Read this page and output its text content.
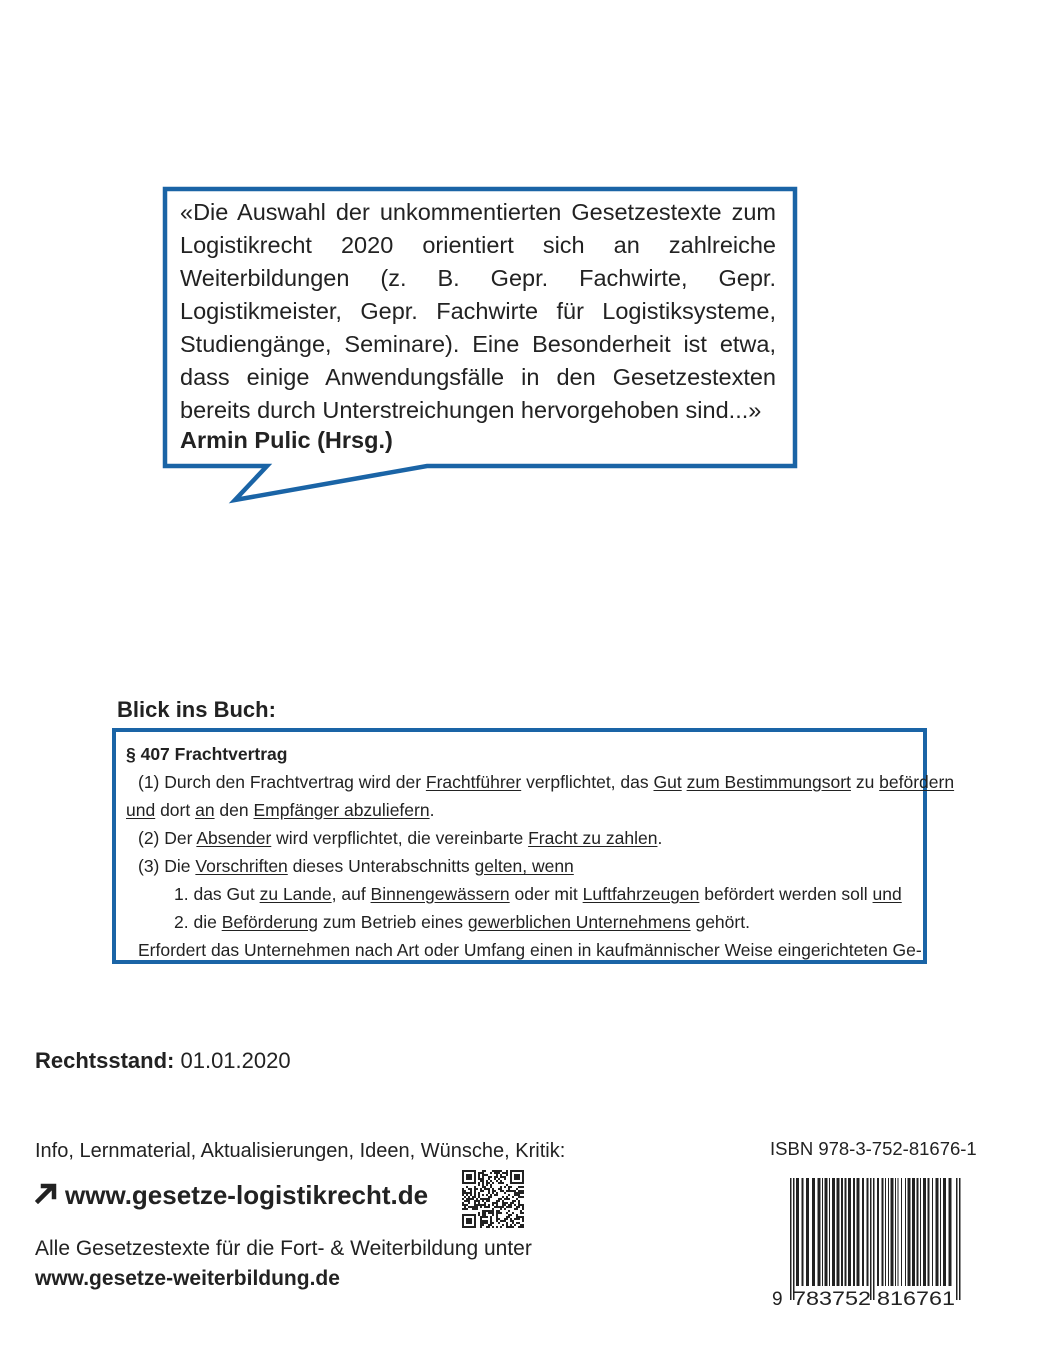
«Die Auswahl der unkommentierten Gesetzestexte zum Logistikrecht 2020 orientiert sich an zahlreiche Weiterbildungen (z. B. Gepr. Fachwirte, Gepr. Logistikmeister, Gepr. Fachwirte für Logistiksysteme, Studiengänge, Seminare). Eine Besonderheit ist etwa, dass einige Anwendungsfälle in den Gesetzestexten bereits durch Unterstreichungen hervorgehoben sind...»
Armin Pulic (Hrsg.)
Blick ins Buch:
§ 407 Frachtvertrag
(1) Durch den Frachtvertrag wird der Frachtführer verpflichtet, das Gut zum Bestimmungsort zu befördern
und dort an den Empfänger abzuliefern.
(2) Der Absender wird verpflichtet, die vereinbarte Fracht zu zahlen.
(3) Die Vorschriften dieses Unterabschnitts gelten, wenn
1. das Gut zu Lande, auf Binnengewässern oder mit Luftfahrzeugen befördert werden soll und
2. die Beförderung zum Betrieb eines gewerblichen Unternehmens gehört.
Erfordert das Unternehmen nach Art oder Umfang einen in kaufmännischer Weise eingerichteten Ge-
Rechtsstand: 01.01.2020
Info, Lernmaterial, Aktualisierungen, Ideen, Wünsche, Kritik:
www.gesetze-logistikrecht.de
Alle Gesetzestexte für die Fort- & Weiterbildung unter
www.gesetze-weiterbildung.de
ISBN 978-3-752-81676-1
9 783752 816761
